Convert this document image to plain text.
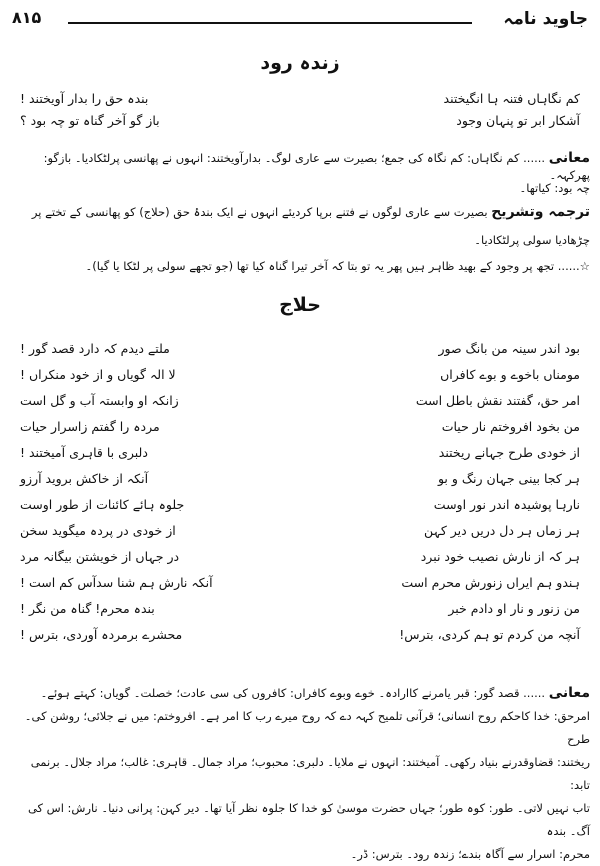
جاوید نامہ
۸۱۵
زندہ رود
کم نگاہاں فتنہ ہا انگیختند
بندہ حق را بدار آویختند !
آشکار ابر تو پنہان وجود
باز گو آخر گناہ تو چہ بود ؟
معانی ...... کم نگاہاں: کم نگاہ کی جمع؛ بصیرت سے عاری لوگ۔ بدارآویختند: انہوں نے پھانسی پرلٹکادیا۔ بازگو: پھرکہہ۔
چہ بود: کیاتھا۔
ترجمہ وتشریح بصیرت سے عاری لوگوں نے فتنے برپا کردیئے انہوں نے ایک بندۂ حق (حلاج) کو پھانسی کے تختے پر
چڑھادیا سولی پرلٹکادیا۔
☆...... تجھ پر وجود کے بھید ظاہر ہیں پھر یہ تو بتا کہ آخر تیرا گناہ کیا تھا (جو تجھے سولی پر لٹکا یا گیا)۔
حلاج
بود اندر سینہ من بانگ صور
ملتے دیدم کہ دارد قصد گور !
مومناں باخوے و بوے کافراں
لا الہ گویاں و از خود منکراں !
امر حق، گفتند نقش باطل است
زانکہ او وابستہ آب و گل است
من بخود افروختم نار حیات
مردہ را گفتم زاسرار حیات
از خودی طرح جہانے ریختند
دلبری با قاہری آمیختند !
ہر کجا بینی جہان رنگ و بو
آنکہ از خاکش بروید آرزو
نارہا پوشیدہ اندر نور اوست
جلوہ ہائے کائنات از طور اوست
ہر زماں ہر دل دریں دیر کہن
از خودی در پردہ میگوید سخن
ہر کہ از نارش نصیب خود نبرد
در جہاں از خویشتن بیگانہ مرد
ہندو ہم ایراں زنورش محرم است
آنکہ نارش ہم شنا سدآس کم است !
من زنور و نار او دادم خبر
بندہ محرم! گناہ من نگر !
آنچہ من کردم تو ہم کردی، بترس!
محشرے برمردہ آوردی، بترس !
معانی ...... قصد گور: قبر یامرنے کاارادہ۔ خوے وبوے کافراں: کافروں کی سی عادت؛ خصلت۔ گویاں: کہتے ہوئے۔
امرحق: خدا کاحکم روح انسانی؛ قرآنی تلمیح کہہ دے کہ روح میرے رب کا امر ہے۔ افروختم: میں نے جلائی؛ روشن کی۔ طرح
ریختند: قضاوقدرنے بنیاد رکھی۔ آمیختند: انہوں نے ملایا۔ دلبری: محبوب؛ مراد جمال۔ قاہری: غالب؛ مراد جلال۔ برنمی تابد:
تاب نہیں لاتی۔ طور: کوہ طور؛ جہاں حضرت موسیٰ کو خدا کا جلوہ نظر آیا تھا۔ دیر کہن: پرانی دنیا۔ نارش: اس کی آگ۔ بندہ
محرم: اسرار سے آگاہ بندے؛ زندہ رود۔ بترس: ڈر۔
